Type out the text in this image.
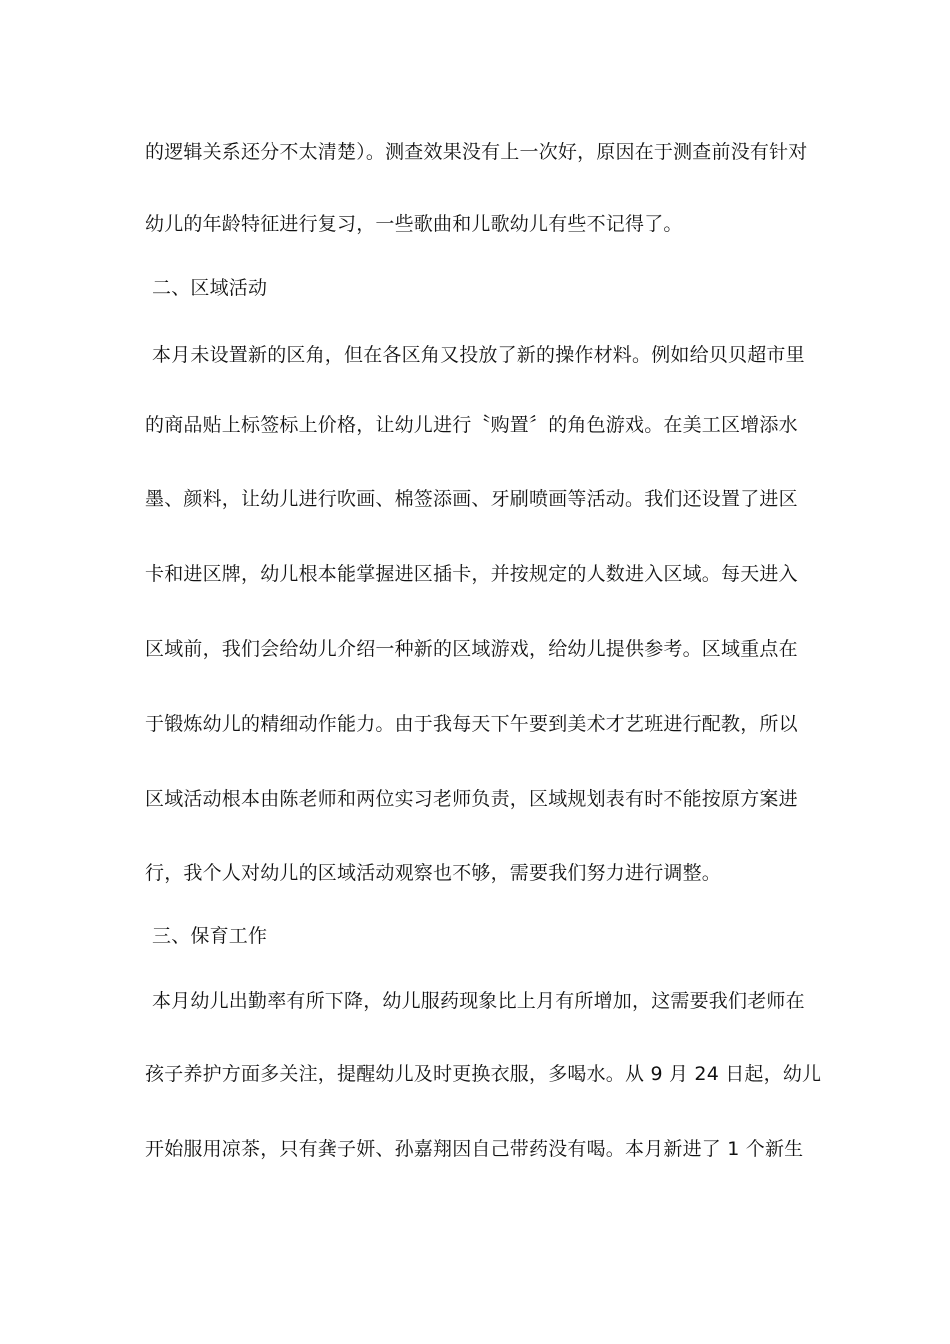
的逻辑关系还分不太清楚）。测查效果没有上一次好，原因在于测查前没有针对
幼儿的年龄特征进行复习，一些歌曲和儿歌幼儿有些不记得了。
二、区域活动
本月未设置新的区角，但在各区角又投放了新的操作材料。例如给贝贝超市里
的商品贴上标签标上价格，让幼儿进行〝购置〞的角色游戏。在美工区增添水
墨、颜料，让幼儿进行吹画、棉签添画、牙刷喷画等活动。我们还设置了进区
卡和进区牌，幼儿根本能掌握进区插卡，并按规定的人数进入区域。每天进入
区域前，我们会给幼儿介绍一种新的区域游戏，给幼儿提供参考。区域重点在
于锻炼幼儿的精细动作能力。由于我每天下午要到美术才艺班进行配教，所以
区域活动根本由陈老师和两位实习老师负责，区域规划表有时不能按原方案进
行，我个人对幼儿的区域活动观察也不够，需要我们努力进行调整。
三、保育工作
本月幼儿出勤率有所下降，幼儿服药现象比上月有所增加，这需要我们老师在
孩子养护方面多关注，提醒幼儿及时更换衣服，多喝水。从 9 月 24 日起，幼儿
开始服用凉茶，只有龚子妍、孙嘉翔因自己带药没有喝。本月新进了 1 个新生
